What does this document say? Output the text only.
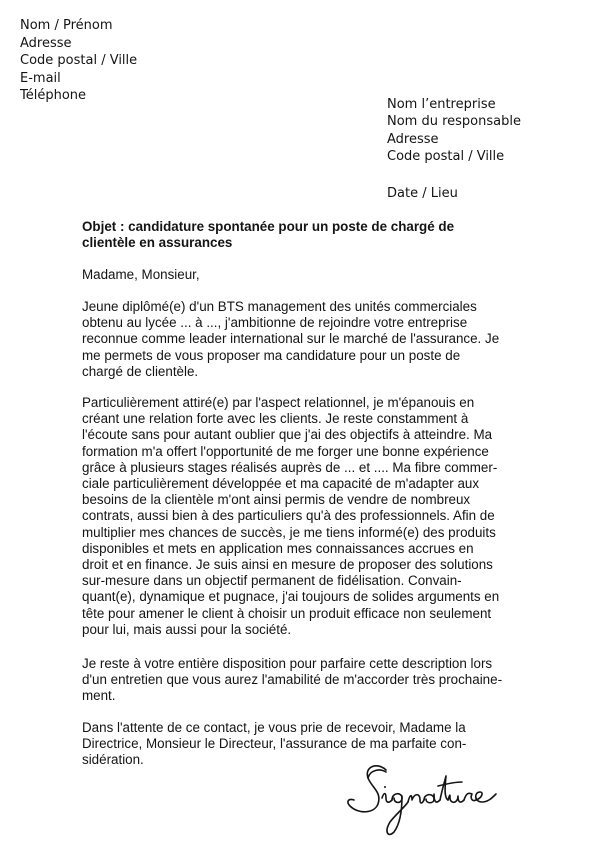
Nom / Prénom
Adresse
Code postal / Ville
E-mail
Téléphone
Nom l’entreprise
Nom du responsable
Adresse
Code postal / Ville
Date / Lieu
Objet : candidature spontanée pour un poste de chargé de
clientèle en assurances
Madame, Monsieur,
Jeune diplômé(e) d'un BTS management des unités commerciales
obtenu au lycée ... à ..., j'ambitionne de rejoindre votre entreprise
reconnue comme leader international sur le marché de l'assurance. Je
me permets de vous proposer ma candidature pour un poste de
chargé de clientèle.
Particulièrement attiré(e) par l'aspect relationnel, je m'épanouis en
créant une relation forte avec les clients. Je reste constamment à
l'écoute sans pour autant oublier que j'ai des objectifs à atteindre. Ma
formation m'a offert l'opportunité de me forger une bonne expérience
grâce à plusieurs stages réalisés auprès de ... et .... Ma fibre commer-
ciale particulièrement développée et ma capacité de m'adapter aux
besoins de la clientèle m'ont ainsi permis de vendre de nombreux
contrats, aussi bien à des particuliers qu'à des professionnels. Afin de
multiplier mes chances de succès, je me tiens informé(e) des produits
disponibles et mets en application mes connaissances accrues en
droit et en finance. Je suis ainsi en mesure de proposer des solutions
sur-mesure dans un objectif permanent de fidélisation. Convain-
quant(e), dynamique et pugnace, j'ai toujours de solides arguments en
tête pour amener le client à choisir un produit efficace non seulement
pour lui, mais aussi pour la société.
Je reste à votre entière disposition pour parfaire cette description lors
d'un entretien que vous aurez l'amabilité de m'accorder très prochaine-
ment.
Dans l'attente de ce contact, je vous prie de recevoir, Madame la
Directrice, Monsieur le Directeur, l'assurance de ma parfaite con-
sidération.
